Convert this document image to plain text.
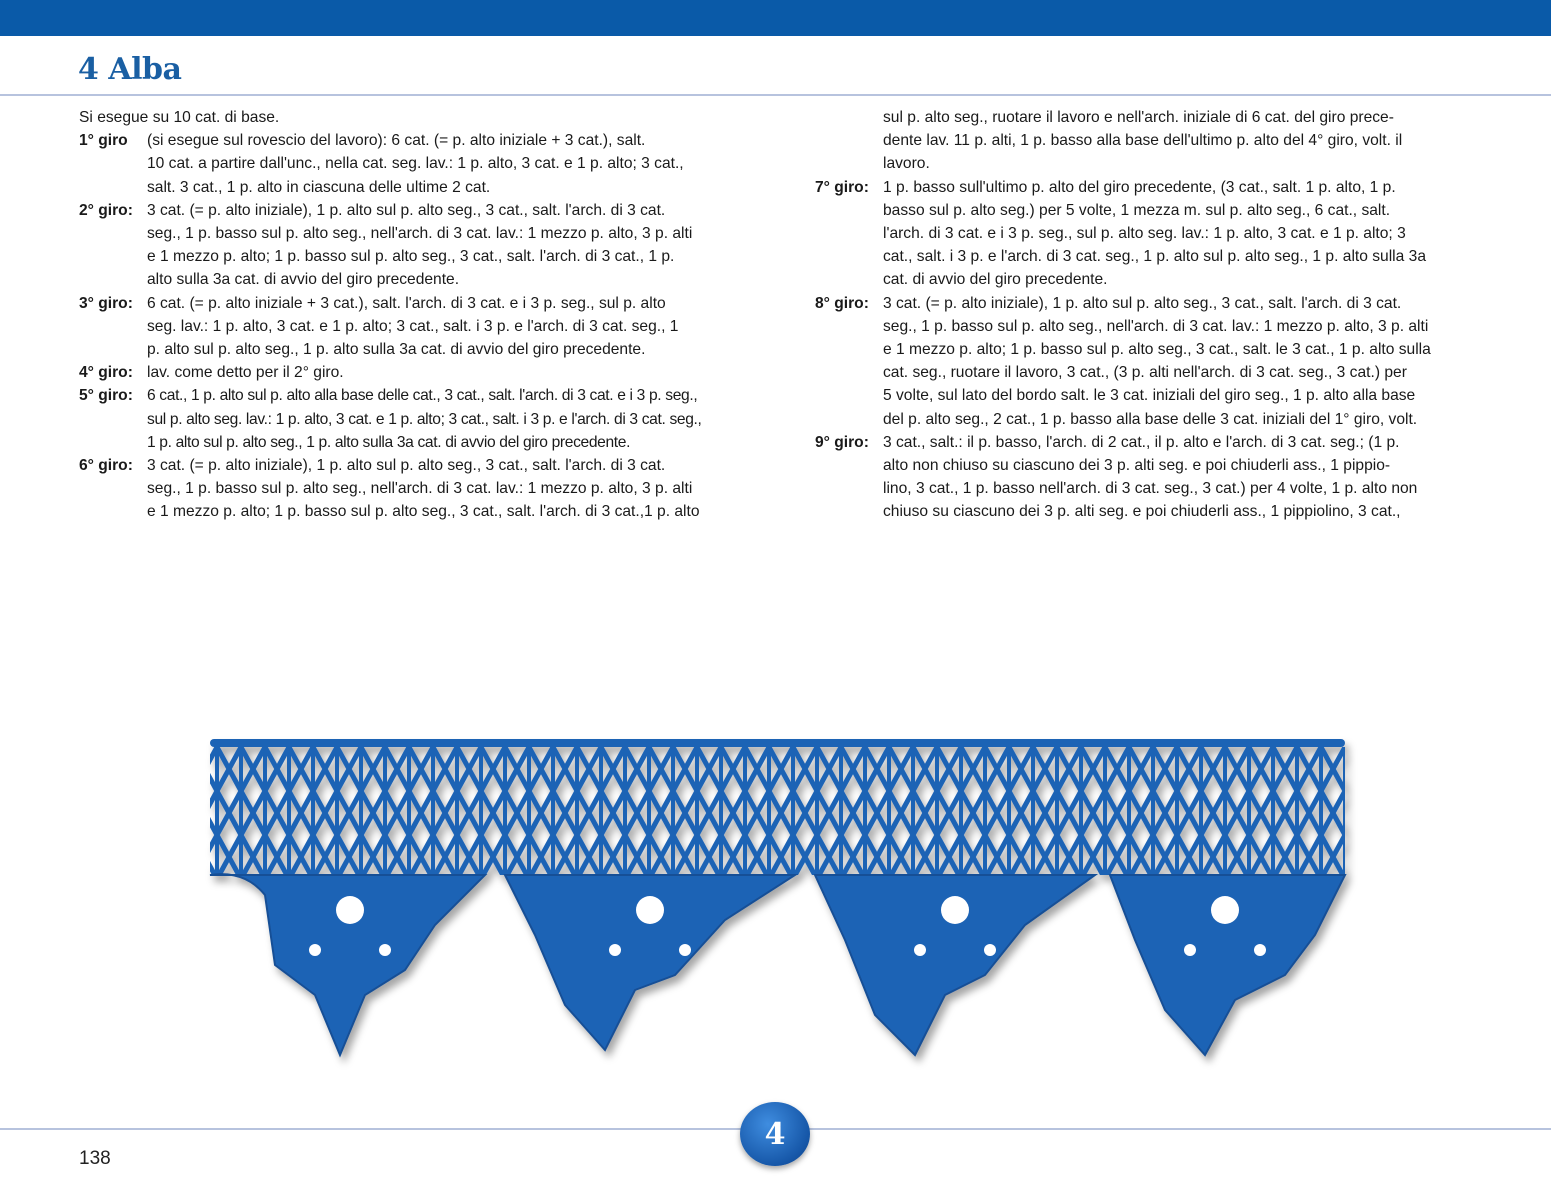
4 Alba

Si esegue su 10 cat. di base.

1° giro	(si esegue sul rovescio del lavoro): 6 cat. (= p. alto iniziale + 3 cat.), salt.
10 cat. a partire dall'unc., nella cat. seg. lav.: 1 p. alto, 3 cat. e 1 p. alto; 3 cat.,
salt. 3 cat., 1 p. alto in ciascuna delle ultime 2 cat.
2° giro: 3 cat. (= p. alto iniziale), 1 p. alto sul p. alto seg., 3 cat., salt. l'arch. di 3 cat.
seg., 1 p. basso sul p. alto seg., nell'arch. di 3 cat. lav.: 1 mezzo p. alto, 3 p. alti
e 1 mezzo p. alto; 1 p. basso sul p. alto seg., 3 cat., salt. l'arch. di 3 cat., 1 p.
alto sulla 3a cat. di avvio del giro precedente.
3° giro: 6 cat. (= p. alto iniziale + 3 cat.), salt. l'arch. di 3 cat. e i 3 p. seg., sul p. alto
seg. lav.: 1 p. alto, 3 cat. e 1 p. alto; 3 cat., salt. i 3 p. e l'arch. di 3 cat. seg., 1
p. alto sul p. alto seg., 1 p. alto sulla 3a cat. di avvio del giro precedente.
4° giro: lav. come detto per il 2° giro.
5° giro: 6 cat., 1 p. alto sul p. alto alla base delle cat., 3 cat., salt. l'arch. di 3 cat. e i 3 p. seg.,
sul p. alto seg. lav.: 1 p. alto, 3 cat. e 1 p. alto; 3 cat., salt. i 3 p. e l'arch. di 3 cat. seg.,
1 p. alto sul p. alto seg., 1 p. alto sulla 3a cat. di avvio del giro precedente.
6° giro: 3 cat. (= p. alto iniziale), 1 p. alto sul p. alto seg., 3 cat., salt. l'arch. di 3 cat.
seg., 1 p. basso sul p. alto seg., nell'arch. di 3 cat. lav.: 1 mezzo p. alto, 3 p. alti
e 1 mezzo p. alto; 1 p. basso sul p. alto seg., 3 cat., salt. l'arch. di 3 cat.,1 p. alto
sul p. alto seg., ruotare il lavoro e nell'arch. iniziale di 6 cat. del giro prece-
dente lav. 11 p. alti, 1 p. basso alla base dell'ultimo p. alto del 4° giro, volt. il
lavoro.
7° giro: 1 p. basso sull'ultimo p. alto del giro precedente, (3 cat., salt. 1 p. alto, 1 p.
basso sul p. alto seg.) per 5 volte, 1 mezza m. sul p. alto seg., 6 cat., salt.
l'arch. di 3 cat. e i 3 p. seg., sul p. alto seg. lav.: 1 p. alto, 3 cat. e 1 p. alto; 3
cat., salt. i 3 p. e l'arch. di 3 cat. seg., 1 p. alto sul p. alto seg., 1 p. alto sulla 3a
cat. di avvio del giro precedente.
8° giro: 3 cat. (= p. alto iniziale), 1 p. alto sul p. alto seg., 3 cat., salt. l'arch. di 3 cat.
seg., 1 p. basso sul p. alto seg., nell'arch. di 3 cat. lav.: 1 mezzo p. alto, 3 p. alti
e 1 mezzo p. alto; 1 p. basso sul p. alto seg., 3 cat., salt. le 3 cat., 1 p. alto sulla
cat. seg., ruotare il lavoro, 3 cat., (3 p. alti nell'arch. di 3 cat. seg., 3 cat.) per
5 volte, sul lato del bordo salt. le 3 cat. iniziali del giro seg., 1 p. alto alla base
del p. alto seg., 2 cat., 1 p. basso alla base delle 3 cat. iniziali del 1° giro, volt.
9° giro: 3 cat., salt.: il p. basso, l'arch. di 2 cat., il p. alto e l'arch. di 3 cat. seg.; (1 p.
alto non chiuso su ciascuno dei 3 p. alti seg. e poi chiuderli ass., 1 pippio-
lino, 3 cat., 1 p. basso nell'arch. di 3 cat. seg., 3 cat.) per 4 volte, 1 p. alto non
chiuso su ciascuno dei 3 p. alti seg. e poi chiuderli ass., 1 pippiolino, 3 cat.,
138
4
